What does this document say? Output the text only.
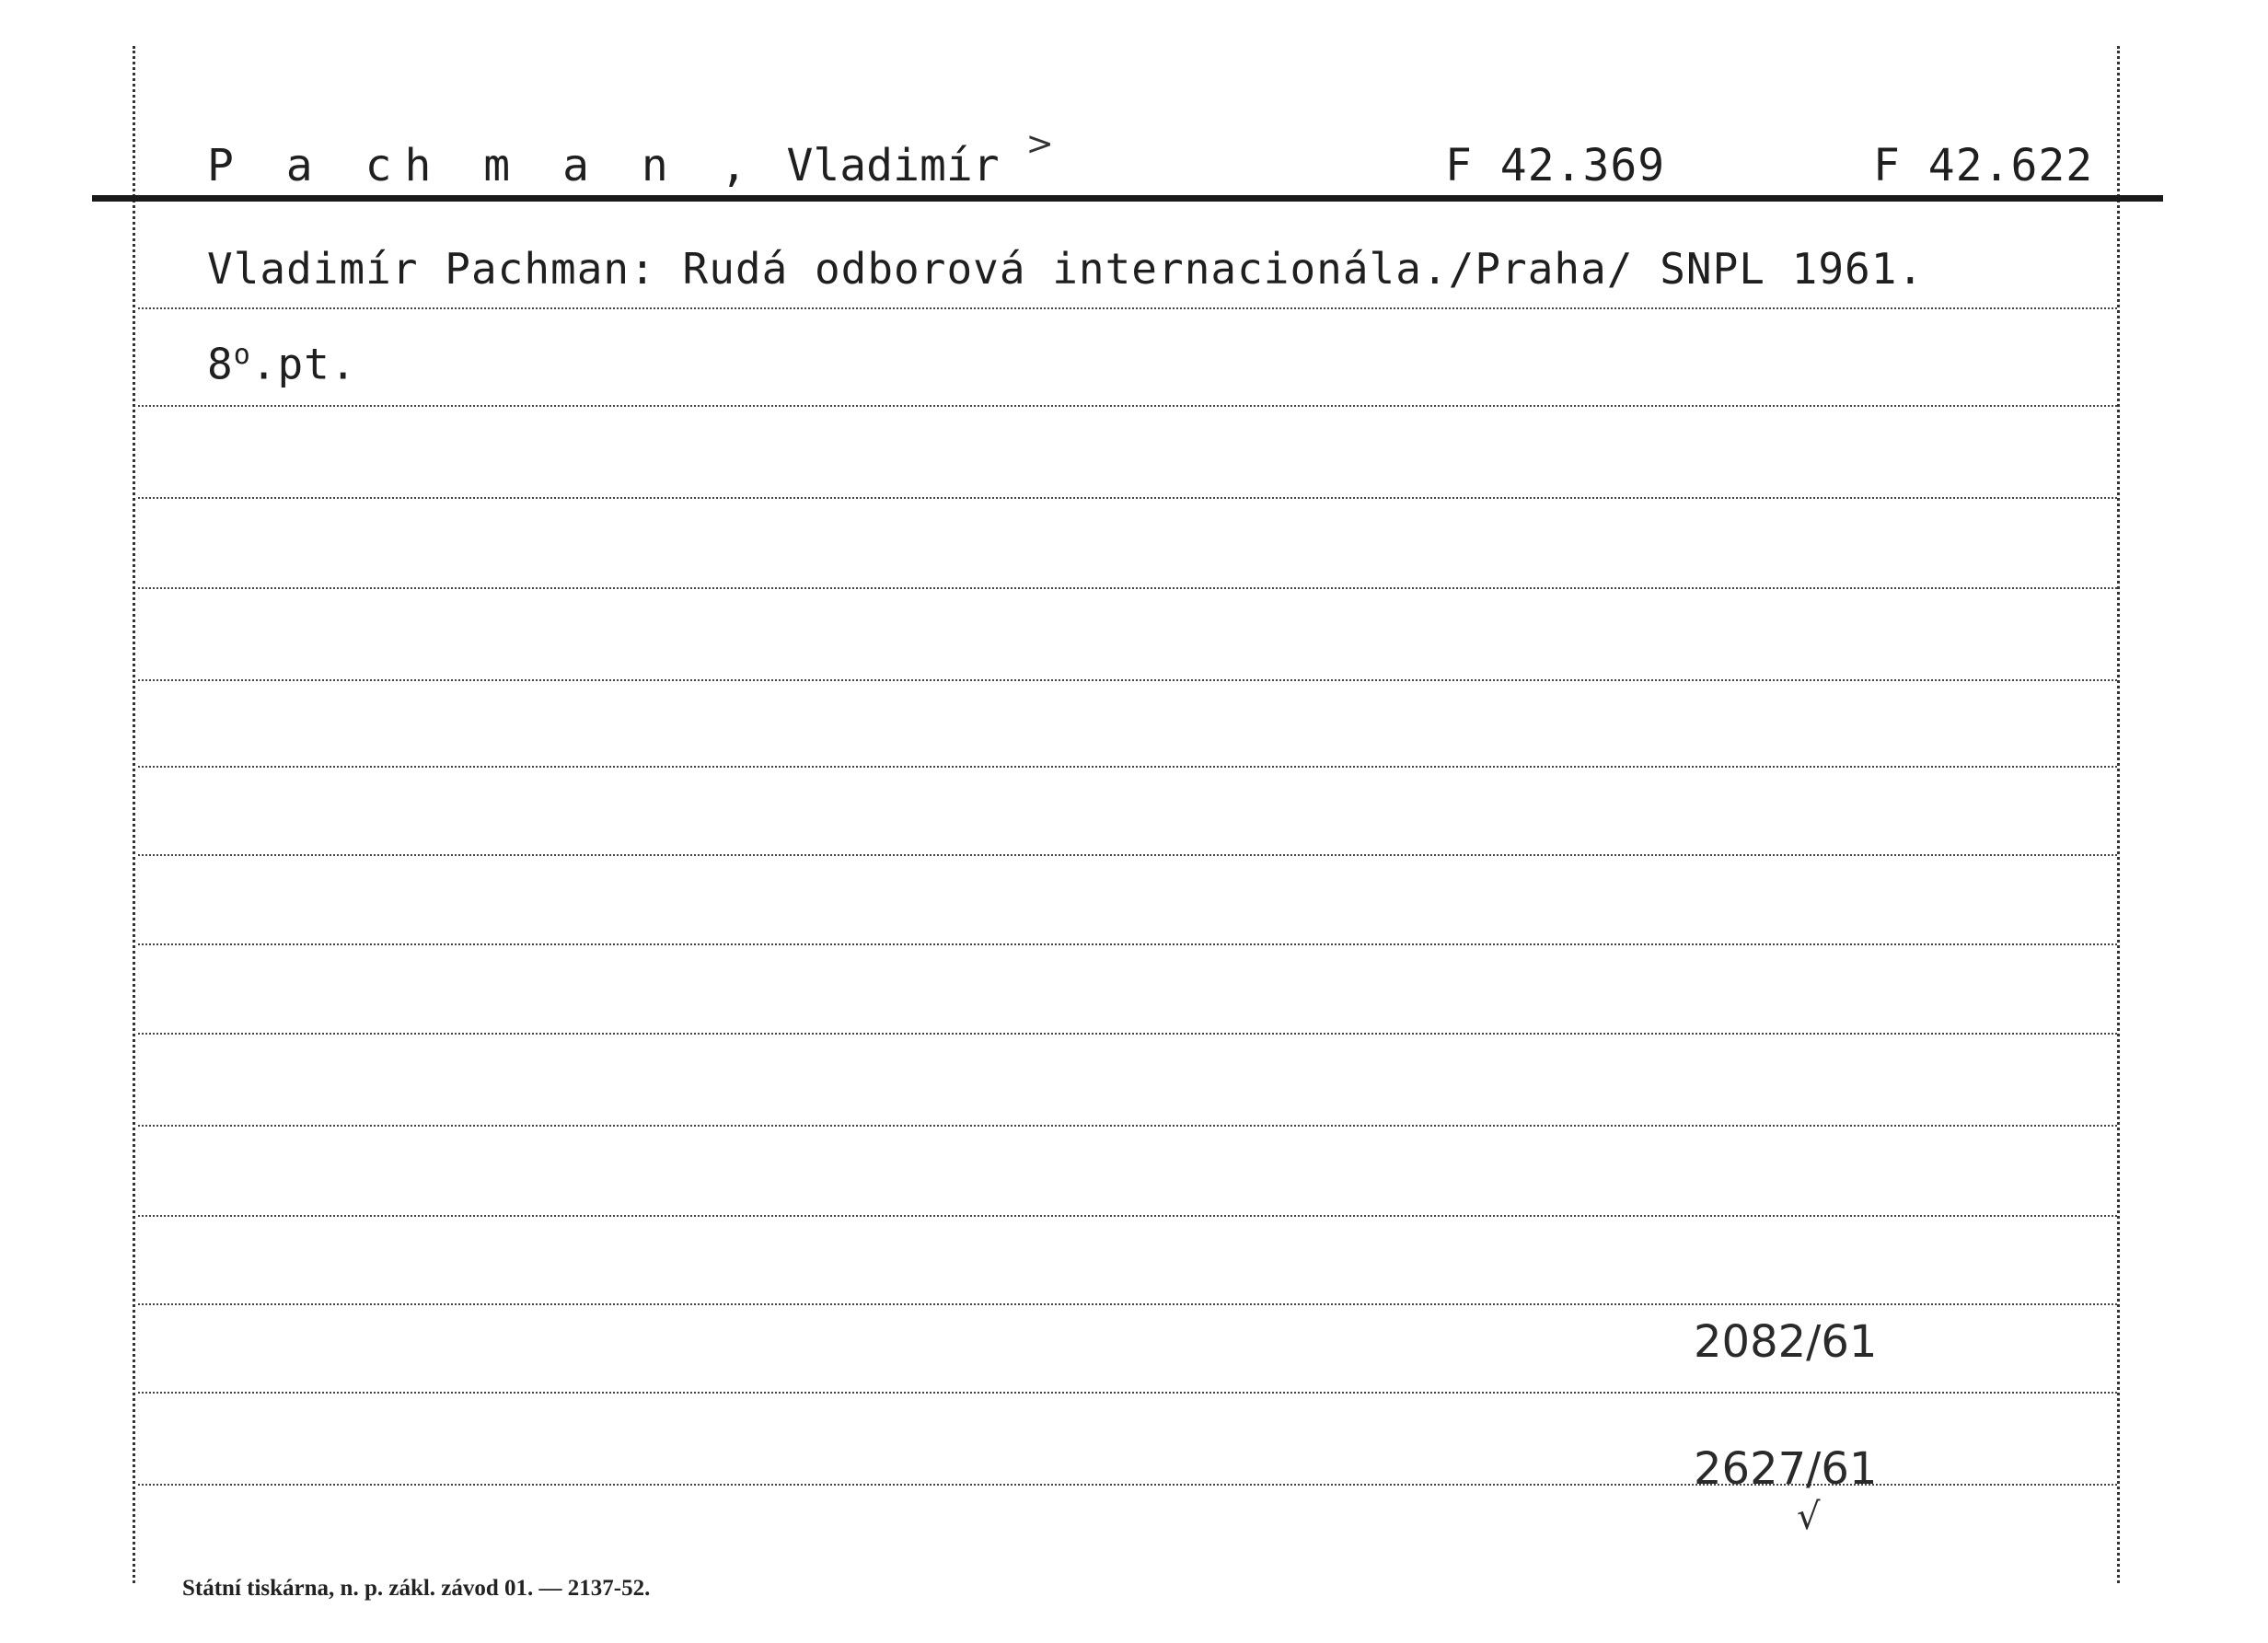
P a ch m a n , Vladimír >	F 42.369	F 42.622
Vladimír Pachman: Rudá odborová internacionála./Praha/ SNPL 1961.
8$^o$.pt.
2082/61
2627/61
√
Státní tiskárna, n. p. zákl. závod 01. — 2137-52.
